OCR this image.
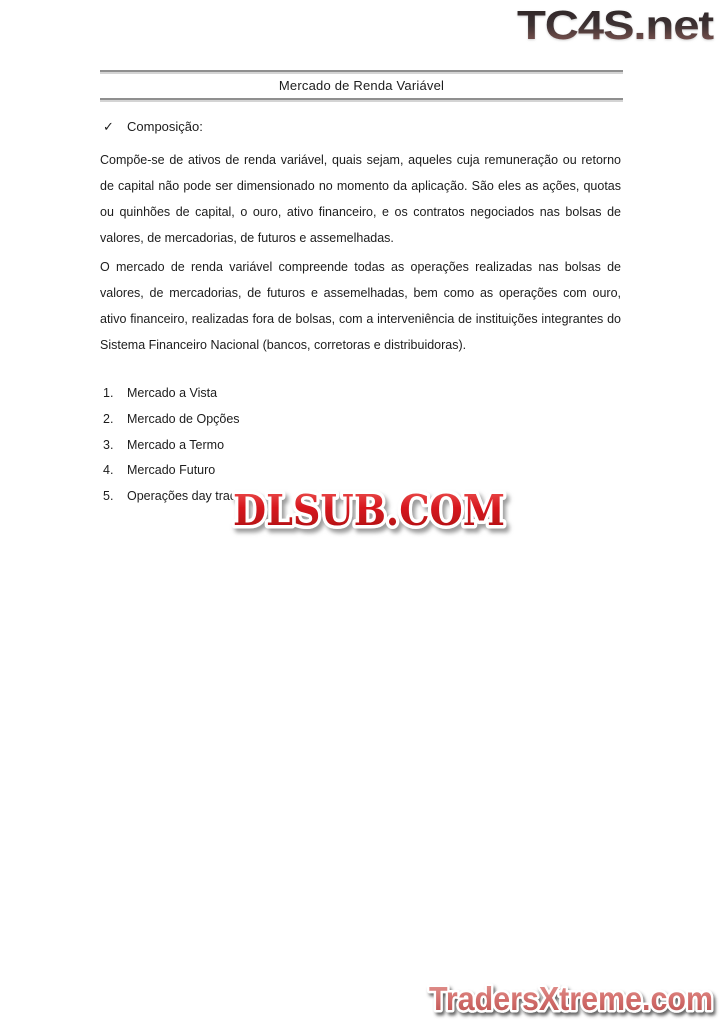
TC4S.net
Mercado de Renda Variável
✓	Composição:
Compõe-se de ativos de renda variável, quais sejam, aqueles cuja remuneração ou retorno de capital não pode ser dimensionado no momento da aplicação. São eles as ações, quotas ou quinhões de capital, o ouro, ativo financeiro, e os contratos negociados nas bolsas de valores, de mercadorias, de futuros e assemelhadas.
O mercado de renda variável compreende todas as operações realizadas nas bolsas de valores, de mercadorias, de futuros e assemelhadas, bem como as operações com ouro, ativo financeiro, realizadas fora de bolsas, com a interveniência de instituições integrantes do Sistema Financeiro Nacional (bancos, corretoras e distribuidoras).
1.	Mercado a Vista
2.	Mercado de Opções
3.	Mercado a Termo
4.	Mercado Futuro
5.	Operações day trade
DLSUB.COM
TradersXtreme.com
